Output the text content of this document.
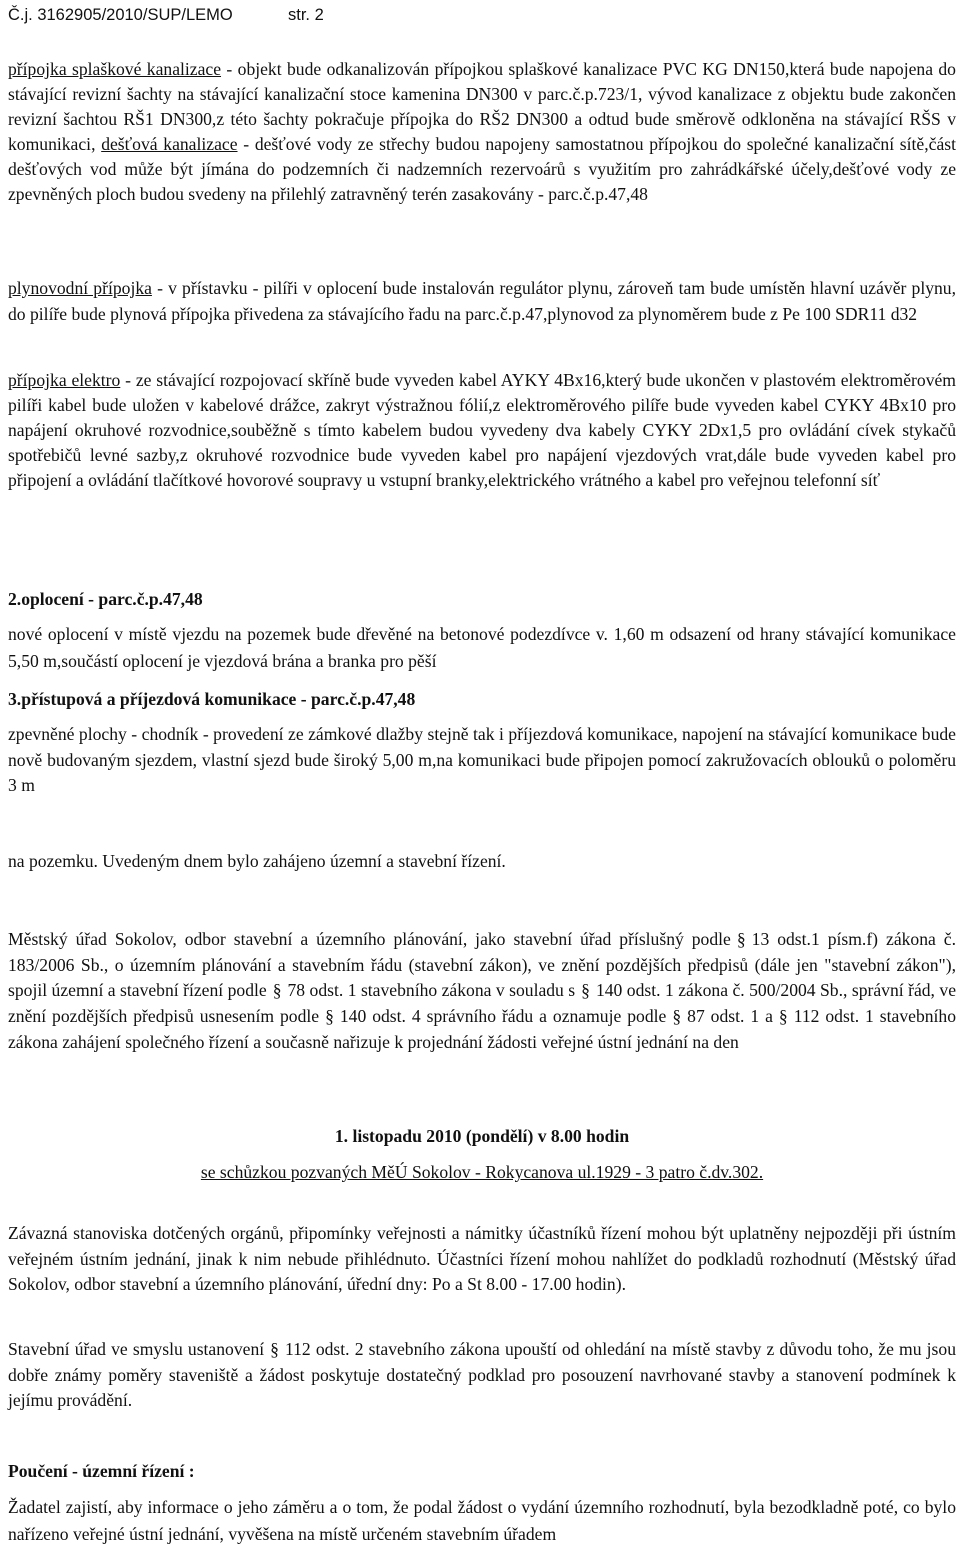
Č.j. 3162905/2010/SUP/LEMO	str. 2

přípojka splaškové kanalizace - objekt bude odkanalizován přípojkou splaškové kanalizace PVC KG DN150,která bude napojena do stávající revizní šachty na stávající kanalizační stoce kamenina DN300 v parc.č.p.723/1, vývod kanalizace z objektu bude zakončen revizní šachtou RŠ1 DN300,z této šachty pokračuje přípojka do RŠ2 DN300 a odtud bude směrově odkloněna na stávající RŠS v komunikaci, dešťová kanalizace - dešťové vody ze střechy budou napojeny samostatnou přípojkou do společné kanalizační sítě,část dešťových vod může být jímána do podzemních či nadzemních rezervoárů s využitím pro zahrádkářské účely,dešťové vody ze zpevněných ploch budou svedeny na přilehlý zatravněný terén zasakovány - parc.č.p.47,48

plynovodní přípojka - v přístavku - pilíři v oplocení bude instalován regulátor plynu, zároveň tam bude umístěn hlavní uzávěr plynu, do pilíře bude plynová přípojka přivedena za stávajícího řadu na parc.č.p.47,plynovod za plynoměrem bude z Pe 100 SDR11 d32

přípojka elektro - ze stávající rozpojovací skříně bude vyveden kabel AYKY 4Bx16,který bude ukončen v plastovém elektroměrovém pilíři kabel bude uložen v kabelové drážce, zakryt výstražnou fólií,z elektroměrového pilíře bude vyveden kabel CYKY 4Bx10 pro napájení okruhové rozvodnice,souběžně s tímto kabelem budou vyvedeny dva kabely CYKY 2Dx1,5 pro ovládání cívek stykačů spotřebičů levné sazby,z okruhové rozvodnice bude vyveden kabel pro napájení vjezdových vrat,dále bude vyveden kabel pro připojení a ovládání tlačítkové hovorové soupravy u vstupní branky,elektrického vrátného a kabel pro veřejnou telefonní síť

2.oplocení - parc.č.p.47,48

nové oplocení v místě vjezdu na pozemek bude dřevěné na betonové podezdívce v. 1,60 m odsazení od hrany stávající komunikace 5,50 m,součástí oplocení je vjezdová brána a branka pro pěší

3.přístupová a příjezdová komunikace - parc.č.p.47,48

zpevněné plochy - chodník - provedení ze zámkové dlažby stejně tak i příjezdová komunikace, napojení na stávající komunikace bude nově budovaným sjezdem, vlastní sjezd bude široký 5,00 m,na komunikaci bude připojen pomocí zakružovacích oblouků o poloměru 3 m

na pozemku. Uvedeným dnem bylo zahájeno územní a stavební řízení.

Městský úřad Sokolov, odbor stavební a územního plánování, jako stavební úřad příslušný podle § 13 odst.1 písm.f) zákona č. 183/2006 Sb., o územním plánování a stavebním řádu (stavební zákon), ve znění pozdějších předpisů (dále jen "stavební zákon"), spojil územní a stavební řízení podle § 78 odst. 1 stavebního zákona v souladu s § 140 odst. 1 zákona č. 500/2004 Sb., správní řád, ve znění pozdějších předpisů usnesením podle § 140 odst. 4 správního řádu a oznamuje podle § 87 odst. 1 a § 112 odst. 1 stavebního zákona zahájení společného řízení a současně nařizuje k projednání žádosti veřejné ústní jednání na den

1. listopadu 2010 (pondělí) v 8.00 hodin
se schůzkou pozvaných MěÚ Sokolov - Rokycanova ul.1929 - 3 patro č.dv.302.

Závazná stanoviska dotčených orgánů, připomínky veřejnosti a námitky účastníků řízení mohou být uplatněny nejpozději při ústním veřejném ústním jednání, jinak k nim nebude přihlédnuto. Účastníci řízení mohou nahlížet do podkladů rozhodnutí (Městský úřad Sokolov, odbor stavební a územního plánování, úřední dny: Po a St 8.00 - 17.00 hodin).

Stavební úřad ve smyslu ustanovení § 112 odst. 2 stavebního zákona upouští od ohledání na místě stavby z důvodu toho, že mu jsou dobře známy poměry staveniště a žádost poskytuje dostatečný podklad pro posouzení navrhované stavby a stanovení podmínek k jejímu provádění.

Poučení - územní řízení :

Žadatel zajistí, aby informace o jeho záměru a o tom, že podal žádost o vydání územního rozhodnutí, byla bezodkladně poté, co bylo nařízeno veřejné ústní jednání, vyvěšena na místě určeném stavebním úřadem
